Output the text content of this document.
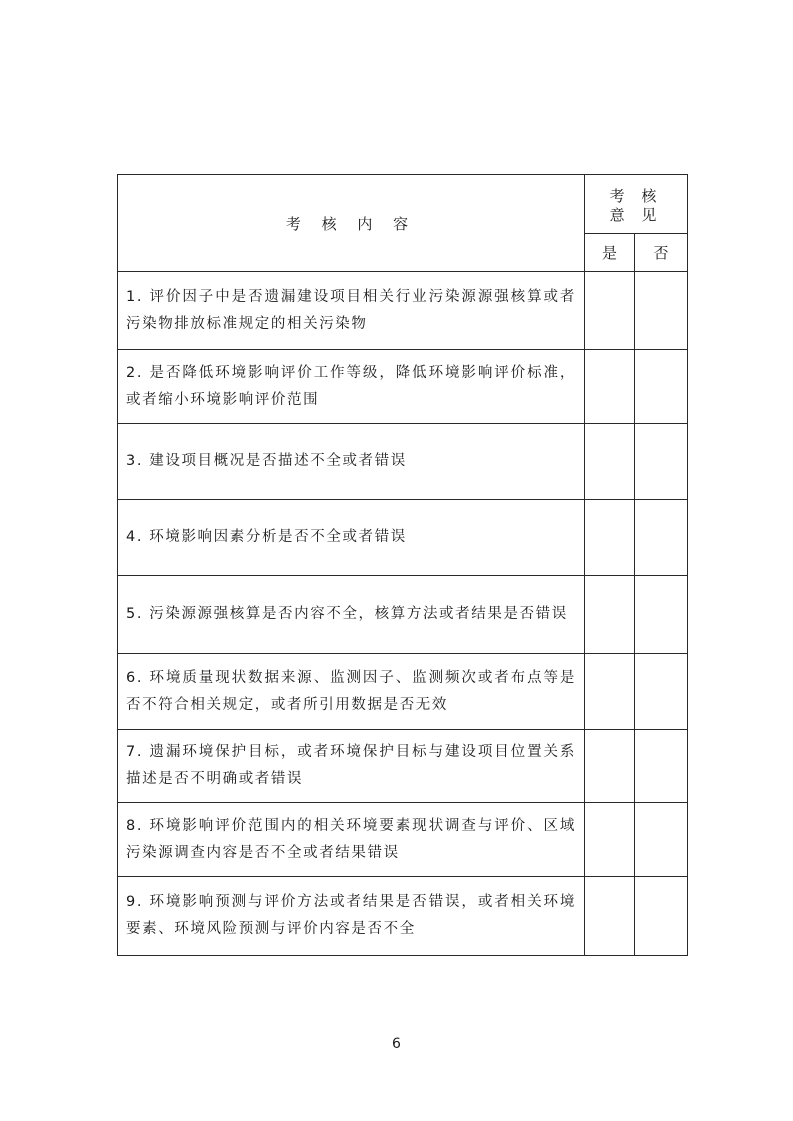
考 核 内 容	考 核
意 见	

	是	否
1. 评价因子中是否遗漏建设项目相关行业污染源源强核算或者污染物排放标准规定的相关污染物		
2. 是否降低环境影响评价工作等级，降低环境影响评价标准，或者缩小环境影响评价范围		
3. 建设项目概况是否描述不全或者错误		
4. 环境影响因素分析是否不全或者错误		
5. 污染源源强核算是否内容不全，核算方法或者结果是否错误		
6. 环境质量现状数据来源、监测因子、监测频次或者布点等是否不符合相关规定，或者所引用数据是否无效		
7. 遗漏环境保护目标，或者环境保护目标与建设项目位置关系描述是否不明确或者错误		
8. 环境影响评价范围内的相关环境要素现状调查与评价、区域污染源调查内容是否不全或者结果错误		
9. 环境影响预测与评价方法或者结果是否错误，或者相关环境要素、环境风险预测与评价内容是否不全		
6
